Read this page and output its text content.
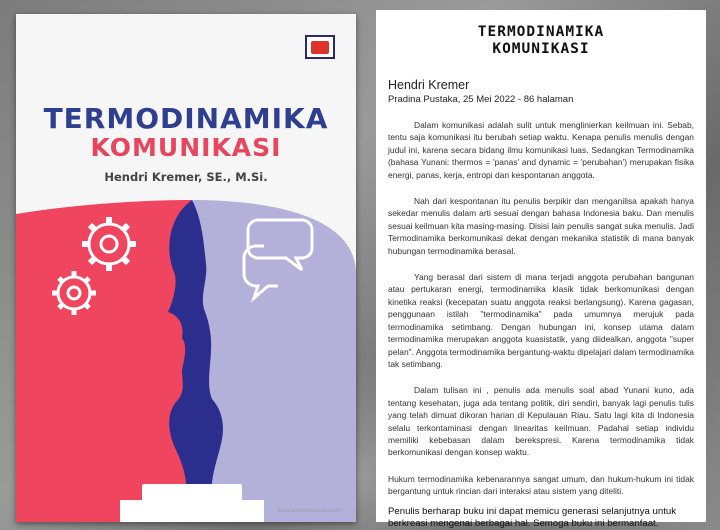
TERMODINAMIKA
KOMUNIKASI
Hendri Kremer, SE., M.Si.
www.pradinapustaka.com
TERMODINAMIKA
KOMUNIKASI
Hendri Kremer
Pradina Pustaka, 25 Mei 2022 - 86 halaman

Dalam komunikasi adalah sulit untuk menglinierkan keilmuan ini. Sebab, tentu saja komunikasi itu berubah setiap waktu. Kenapa penulis menulis dengan judul ini, karena secara bidang ilmu komunikasi luas. Sedangkan Termodinamika (bahasa Yunani: thermos = 'panas' and dynamic = 'perubahan') merupakan fisika energi, panas, kerja, entropi dan kespontanan anggota.

Nah dari kespontanan itu penulis berpikir dan menganilisa apakah hanya sekedar menulis dalam arti sesuai dengan bahasa Indonesia baku. Dan menulis sesuai keilmuan kita masing-masing. Disisi lain penulis sangat suka menulis. Jadi Termodinamika berkomunikasi dekat dengan mekanika statistik di mana banyak hubungan termodinamika berasal.

Yang berasal dari sistem di mana terjadi anggota perubahan bangunan atau pertukaran energi, termodinamika klasik tidak berkomunikasi dengan kinetika reaksi (kecepatan suatu anggota reaksi berlangsung). Karena gagasan, penggunaan istilah "termodinamika" pada umumnya merujuk pada termodinamika setimbang. Dengan hubungan ini, konsep utama dalam termodinamika merupakan anggota kuasistatik, yang diidealkan, anggota "super pelan". Anggota termodinamika bergantung-waktu dipelajari dalam termodinamika tak setimbang.

Dalam tulisan ini , penulis ada menulis soal abad Yunani kuno, ada tentang kesehatan, juga ada tentang politik, diri sendiri, banyak lagi penulis tulis yang telah dimuat dikoran harian di Kepulauan Riau. Satu lagi kita di Indonesia selalu terkontaminasi dengan linearitas keilmuan. Padahal setiap individu memiliki kebebasan dalam berekspresi. Karena termodinamika tidak berkomunikasi dengan konsep waktu.

Hukum termodinamika kebenarannya sangat umum, dan hukum-hukum ini tidak bergantung untuk rincian dari interaksi atau sistem yang diteliti.

Penulis berharap buku ini dapat memicu generasi selanjutnya untuk berkreasi mengenai berbagai hal. Semoga buku ini bermanfaat.
